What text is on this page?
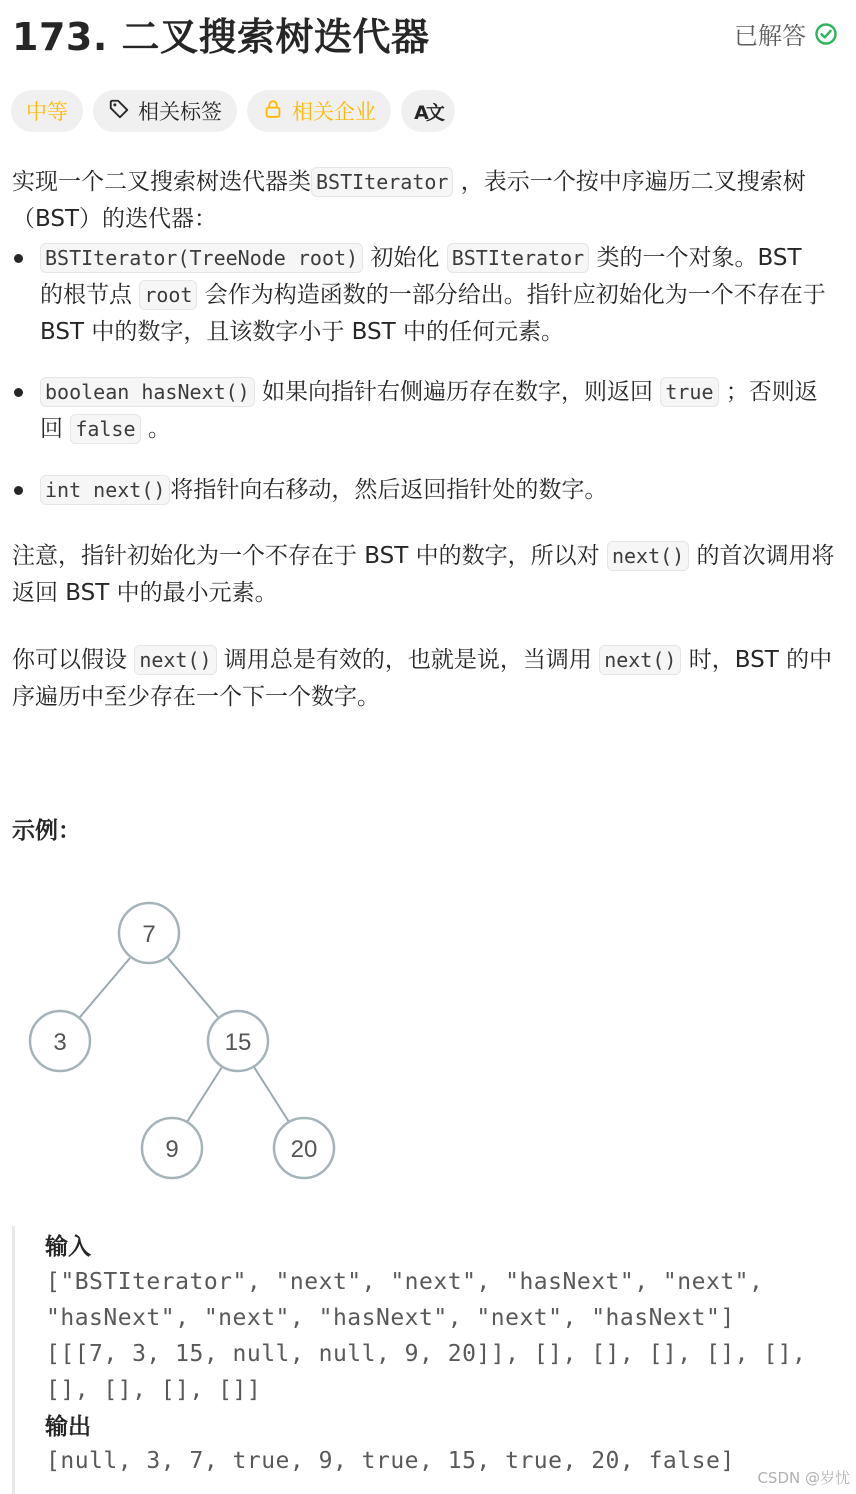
173. 二叉搜索树迭代器	已解答
中等	相关标签	相关企业 A文
实现一个二叉搜索树迭代器类 BSTIterator ，表示一个按中序遍历二叉搜索树（BST）的迭代器：
BSTIterator(TreeNode root) 初始化 BSTIterator 类的一个对象。BST 的根节点 root 会作为构造函数的一部分给出。指针应初始化为一个不存在于 BST 中的数字，且该数字小于 BST 中的任何元素。
boolean hasNext() 如果向指针右侧遍历存在数字，则返回 true ；否则返回 false 。
int next() 将指针向右移动，然后返回指针处的数字。
注意，指针初始化为一个不存在于 BST 中的数字，所以对 next() 的首次调用将返回 BST 中的最小元素。
你可以假设 next() 调用总是有效的，也就是说，当调用 next() 时，BST 的中序遍历中至少存在一个下一个数字。
示例：
7
3	15
9	20
输入
["BSTIterator", "next", "next", "hasNext", "next", "hasNext", "next", "hasNext", "next", "hasNext"]
[[[7, 3, 15, null, null, 9, 20]], [], [], [], [], [], [], [], [], []]
输出
[null, 3, 7, true, 9, true, 15, true, 20, false]
CSDN @岁忧
